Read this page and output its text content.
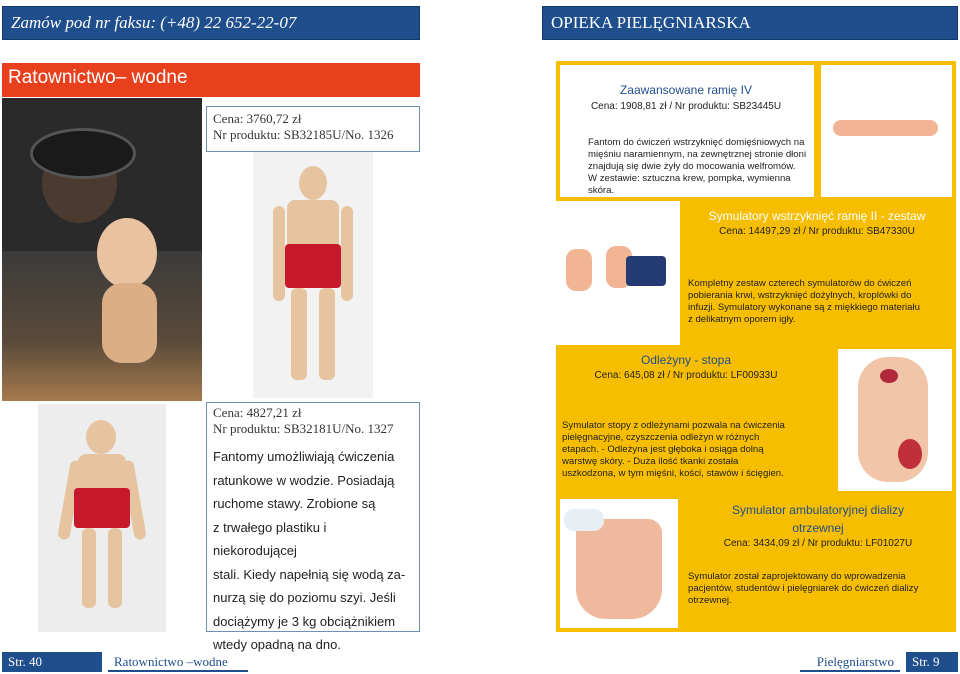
Zamów pod nr faksu: (+48) 22 652-22-07	OPIEKA PIELĘGNIARSKA
Ratownictwo– wodne
Cena: 3760,72 zł
Nr produktu: SB32185U/No. 1326
Cena: 4827,21 zł
Nr produktu: SB32181U/No. 1327
Fantomy umożliwiają ćwiczenia
ratunkowe w wodzie. Posiadają
ruchome stawy. Zrobione są
z trwałego plastiku i niekorodującej
stali. Kiedy napełnią się wodą za-
nurzą się do poziomu szyi. Jeśli
dociążymy je 3 kg obciążnikiem
wtedy opadną na dno.
Zaawansowane ramię IV
Cena: 1908,81 zł / Nr produktu: SB23445U
Fantom do ćwiczeń wstrzyknięć domięśniowych na
mięśniu naramiennym, na zewnętrznej stronie dłoni
znajdują się dwie żyły do mocowania welfromów.
W zestawie: sztuczna krew, pompka, wymienna skóra.
Symulatory wstrzyknięć ramię II - zestaw
Cena: 14497,29 zł / Nr produktu: SB47330U
Kompletny zestaw czterech symulatorów do ćwiczeń
pobierania krwi, wstrzyknięć dożylnych, kroplówki do
infuzji. Symulatory wykonane są z miękkiego materiału
z delikatnym oporem igły.
Odleżyny - stopa
Cena: 645,08 zł / Nr produktu: LF00933U
Symulator stopy z odleżynami pozwala na ćwiczenia
pielęgnacyjne, czyszczenia odleżyn w różnych
etapach. - Odleżyna jest głęboka i osiąga dolną
warstwę skóry. - Duża ilość tkanki została
uszkodzona, w tym mięśni, kości, stawów i ścięgien.
Symulator ambulatoryjnej dializy
otrzewnej
Cena: 3434,09 zł / Nr produktu: LF01027U
Symulator został zaprojektowany do wprowadzenia
pacjentów, studentów i pielęgniarek do ćwiczeń dializy
otrzewnej.
Str. 40	Ratownictwo –wodne	Pielęgniarstwo	Str. 9
